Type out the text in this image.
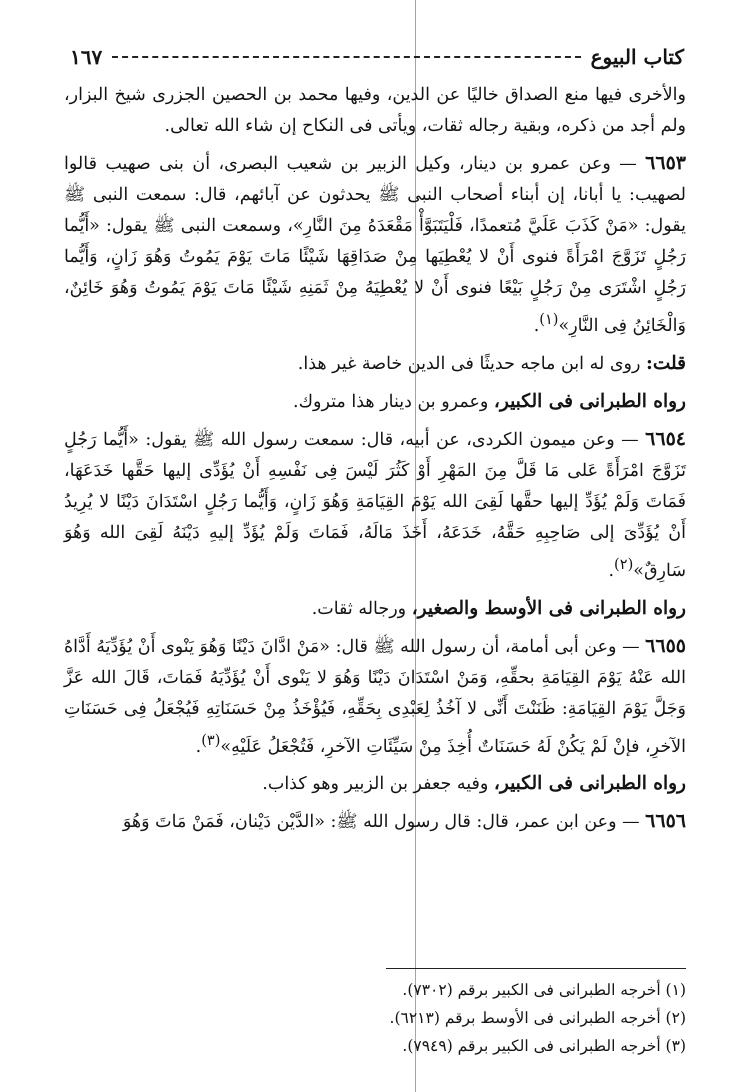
كتاب البيوع
١٦٧

والأخرى فيها منع الصداق خاليًا عن الدين، وفيها محمد بن الحصين الجزرى شيخ البزار، ولم أجد من ذكره، وبقية رجاله ثقات، ويأتى فى النكاح إن شاء الله تعالى.

٦٦٥٣ — وعن عمرو بن دينار، وكيل الزبير بن شعيب البصرى، أن بنى صهيب قالوا لصهيب: يا أبانا، إن أبناء أصحاب النبى ﷺ يحدثون عن آبائهم، قال: سمعت النبى ﷺ يقول: «مَنْ كَذَبَ عَلَيَّ مُتعمدًا، فَلْيَتَبَوَّأْ مَقْعَدَهُ مِنَ النَّارِ»، وسمعت النبى ﷺ يقول: «أَيُّما رَجُلٍ تَزَوَّجَ امْرَأَةً فنوى أَنْ لا يُعْطِيَها مِنْ صَدَاقِهَا شَيْئًا مَاتَ يَوْمَ يَمُوتُ وَهُوَ زَانٍ، وَأَيُّما رَجُلٍ اشْتَرَى مِنْ رَجُلٍ بَيْعًا فنوى أَنْ لا يُعْطِيَهُ مِنْ ثَمَنِهِ شَيْئًا مَاتَ يَوْمَ يَمُوتُ وَهُوَ خَائِنٌ، وَالْخَائِنُ فِى النَّارِ»$^{(١)}$.

قلت: روى له ابن ماجه حديثًا فى الدين خاصة غير هذا.

رواه الطبرانى فى الكبير، وعمرو بن دينار هذا متروك.

٦٦٥٤ — وعن ميمون الكردى، عن أبيه، قال: سمعت رسول الله ﷺ يقول: «أَيُّما رَجُلٍ تَزَوَّجَ امْرَأَةً عَلى مَا قَلَّ مِنَ المَهْرِ أَوْ كَثُرَ لَيْسَ فِى نَفْسِهِ أَنْ يُؤَدِّى إليها حَقَّها خَدَعَهَا، فَمَاتَ وَلَمْ يُؤَدِّ إليها حقَّها لَقِىَ الله يَوْمَ القِيَامَةِ وَهُوَ زَانٍ، وَأَيُّما رَجُلٍ اسْتَدَانَ دَيْنًا لا يُرِيدُ أَنْ يُؤَدِّىَ إلى صَاحِبِهِ حَقَّهُ، خَدَعَهُ، أَخَذَ مَالَهُ، فَمَاتَ وَلَمْ يُؤَدِّ إليهِ دَيْنَهُ لَقِىَ الله وَهُوَ سَارِقٌ»$^{(٢)}$.

رواه الطبرانى فى الأوسط والصغير، ورجاله ثقات.

٦٦٥٥ — وعن أبى أمامة، أن رسول الله ﷺ قال: «مَنْ ادَّانَ دَيْنًا وَهُوَ يَنْوى أَنْ يُؤَدِّيَهُ أَدَّاهُ الله عَنْهُ يَوْمَ القِيَامَةِ بحقِّهِ، وَمَنْ اسْتَدَانَ دَيْنًا وَهُوَ لا يَنْوى أَنْ يُؤَدِّيَهُ فَمَاتَ، قَالَ الله عَزَّ وَجَلَّ يَوْمَ القِيَامَةِ: ظَنَنْتَ أَنِّى لا آخُذُ لِعَبْدِى بِحَقِّهِ، فَيُؤْخَذُ مِنْ حَسَنَاتِهِ فَيُجْعَلُ فِى حَسَنَاتِ الآخرِ، فإنْ لَمْ يَكُنْ لَهُ حَسَنَاتٌ أُخِذَ مِنْ سَيِّئَاتِ الآخرِ، فَتُجْعَلُ عَلَيْهِ»$^{(٣)}$.

رواه الطبرانى فى الكبير، وفيه جعفر بن الزبير وهو كذاب.

٦٦٥٦ — وعن ابن عمر، قال: قال رسول الله ﷺ: «الدَّيْن دَيْنان، فَمَنْ مَاتَ وَهُوَ

(١) أخرجه الطبرانى فى الكبير برقم (٧٣٠٢).
(٢) أخرجه الطبرانى فى الأوسط برقم (٦٢١٣).
(٣) أخرجه الطبرانى فى الكبير برقم (٧٩٤٩).
